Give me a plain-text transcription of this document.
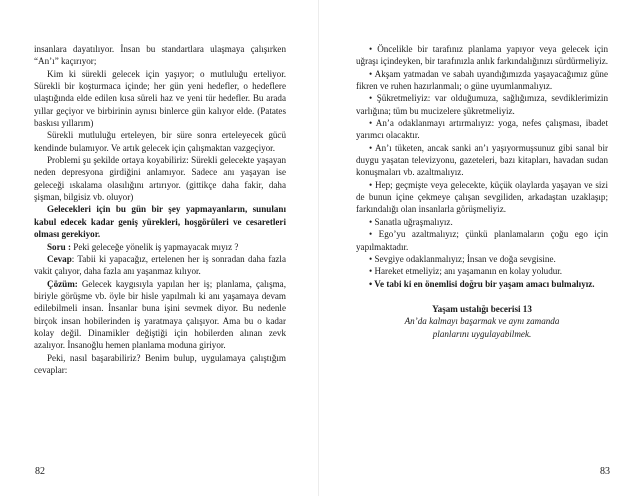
insanlara dayatılıyor. İnsan bu standartlara ulaşmaya çalışırken “An’ı” kaçırıyor;

Kim ki sürekli gelecek için yaşıyor; o mutluluğu erteliyor. Sürekli bir koşturmaca içinde; her gün yeni hedefler, o hedeflere ulaştığında elde edilen kısa süreli haz ve yeni tür hedefler. Bu arada yıllar geçiyor ve birbirinin aynısı binlerce gün kalıyor elde. (Patates baskısı yıllarım)

Sürekli mutluluğu erteleyen, bir süre sonra erteleyecek gücü kendinde bulamıyor. Ve artık gelecek için çalışmaktan vazgeçiyor.

Problemi şu şekilde ortaya koyabiliriz: Sürekli gelecekte yaşayan neden depresyona girdiğini anlamıyor. Sadece anı yaşayan ise geleceği ıskalama olasılığını artırıyor. (gittikçe daha fakir, daha şişman, bilgisiz vb. oluyor)

Gelecekleri için bu gün bir şey yapmayanların, sunulanı kabul edecek kadar geniş yürekleri, hoşgörüleri ve cesaretleri olması gerekiyor.

Soru : Peki geleceğe yönelik iş yapmayacak mıyız ?

Cevap: Tabii ki yapacağız, ertelenen her iş sonradan daha fazla vakit çalıyor, daha fazla anı yaşanmaz kılıyor.

Çözüm: Gelecek kaygısıyla yapılan her iş; planlama, çalışma, biriyle görüşme vb. öyle bir hisle yapılmalı ki anı yaşamaya devam edilebilmeli insan. İnsanlar buna işini sevmek diyor. Bu nedenle birçok insan hobilerinden iş yaratmaya çalışıyor. Ama bu o kadar kolay değil. Dinamikler değiştiği için hobilerden alınan zevk azalıyor. İnsanoğlu hemen planlama moduna giriyor.

Peki, nasıl başarabiliriz? Benim bulup, uygulamaya çalıştığım cevaplar:

82

• Öncelikle bir tarafınız planlama yapıyor veya gelecek için uğraşı içindeyken, bir tarafınızla anlık farkındalığınızı sürdürmeliyiz.

• Akşam yatmadan ve sabah uyandığımızda yaşayacağımız güne fikren ve ruhen hazırlanmalı; o güne uyumlanmalıyız.

• Şükretmeliyiz: var olduğumuza, sağlığımıza, sevdiklerimizin varlığına; tüm bu mucizelere şükretmeliyiz.

• An’a odaklanmayı artırmalıyız: yoga, nefes çalışması, ibadet yarımcı olacaktır.

• An’ı tüketen, ancak sanki an’ı yaşıyormuşsunuz gibi sanal bir duygu yaşatan televizyonu, gazeteleri, bazı kitapları, havadan sudan konuşmaları vb. azaltmalıyız.

• Hep; geçmişte veya gelecekte, küçük olaylarda yaşayan ve sizi de bunun içine çekmeye çalışan sevgiliden, arkadaştan uzaklaşıp; farkındalığı olan insanlarla görüşmeliyiz.

• Sanatla uğraşmalıyız.

• Ego’yu azaltmalıyız; çünkü planlamaların çoğu ego için yapılmaktadır.

• Sevgiye odaklanmalıyız; İnsan ve doğa sevgisine.

• Hareket etmeliyiz; anı yaşamanın en kolay yoludur.

• Ve tabi ki en önemlisi doğru bir yaşam amacı bulmalıyız.

Yaşam ustalığı becerisi 13

An’da kalmayı başarmak ve aynı zamanda

planlarını uygulayabilmek.

83
